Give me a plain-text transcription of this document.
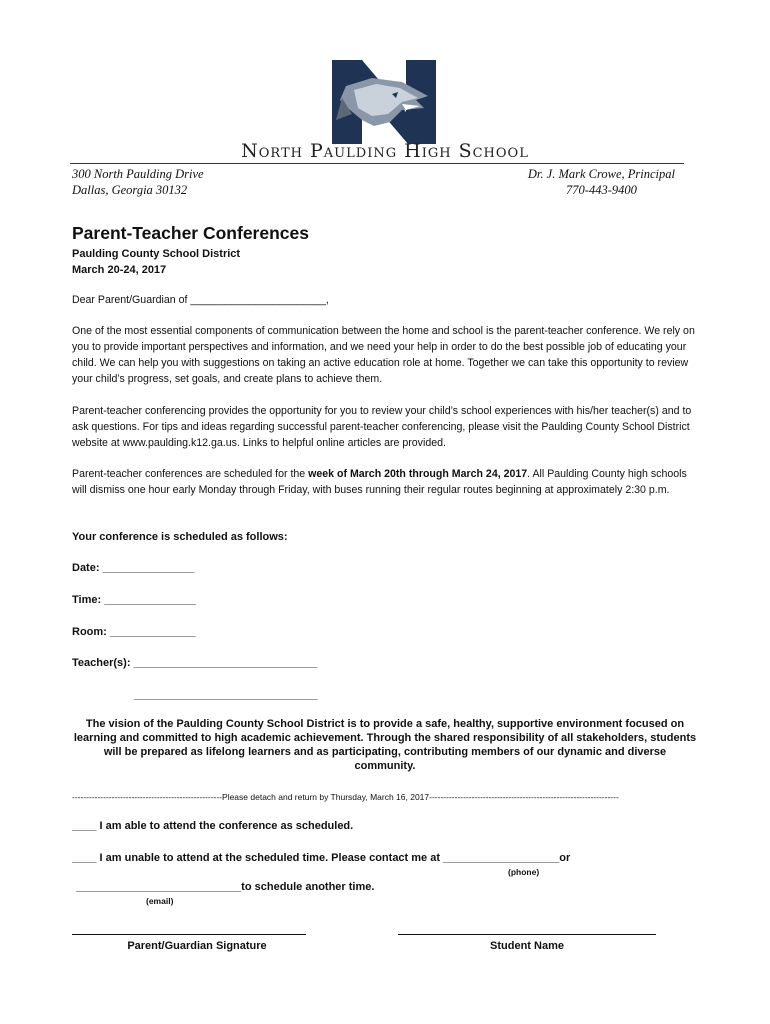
North Paulding High School
300 North Paulding Drive
Dallas, Georgia 30132
Dr. J. Mark Crowe, Principal
770-443-9400
Parent-Teacher Conferences
Paulding County School District
March 20-24, 2017
Dear Parent/Guardian of _______________________,
One of the most essential components of communication between the home and school is the parent-teacher conference. We rely on you to provide important perspectives and information, and we need your help in order to do the best possible job of educating your child. We can help you with suggestions on taking an active education role at home. Together we can take this opportunity to review your child’s progress, set goals, and create plans to achieve them.
Parent-teacher conferencing provides the opportunity for you to review your child’s school experiences with his/her teacher(s) and to ask questions. For tips and ideas regarding successful parent-teacher conferencing, please visit the Paulding County School District website at www.paulding.k12.ga.us. Links to helpful online articles are provided.
Parent-teacher conferences are scheduled for the week of March 20th through March 24, 2017. All Paulding County high schools will dismiss one hour early Monday through Friday, with buses running their regular routes beginning at approximately 2:30 p.m.
Your conference is scheduled as follows:
Date: _______________
Time: _______________
Room: ______________
Teacher(s): ______________________________
______________________________
The vision of the Paulding County School District is to provide a safe, healthy, supportive environment focused on learning and committed to high academic achievement. Through the shared responsibility of all stakeholders, students will be prepared as lifelong learners and as participating, contributing members of our dynamic and diverse community.
-----------------------------------------------------Please detach and return by Thursday, March 16, 2017-------------------------------------------------------------------
____ I am able to attend the conference as scheduled.
____ I am unable to attend at the scheduled time. Please contact me at ___________________or
(phone)
___________________________to schedule another time.
(email)
Parent/Guardian Signature	Student Name
